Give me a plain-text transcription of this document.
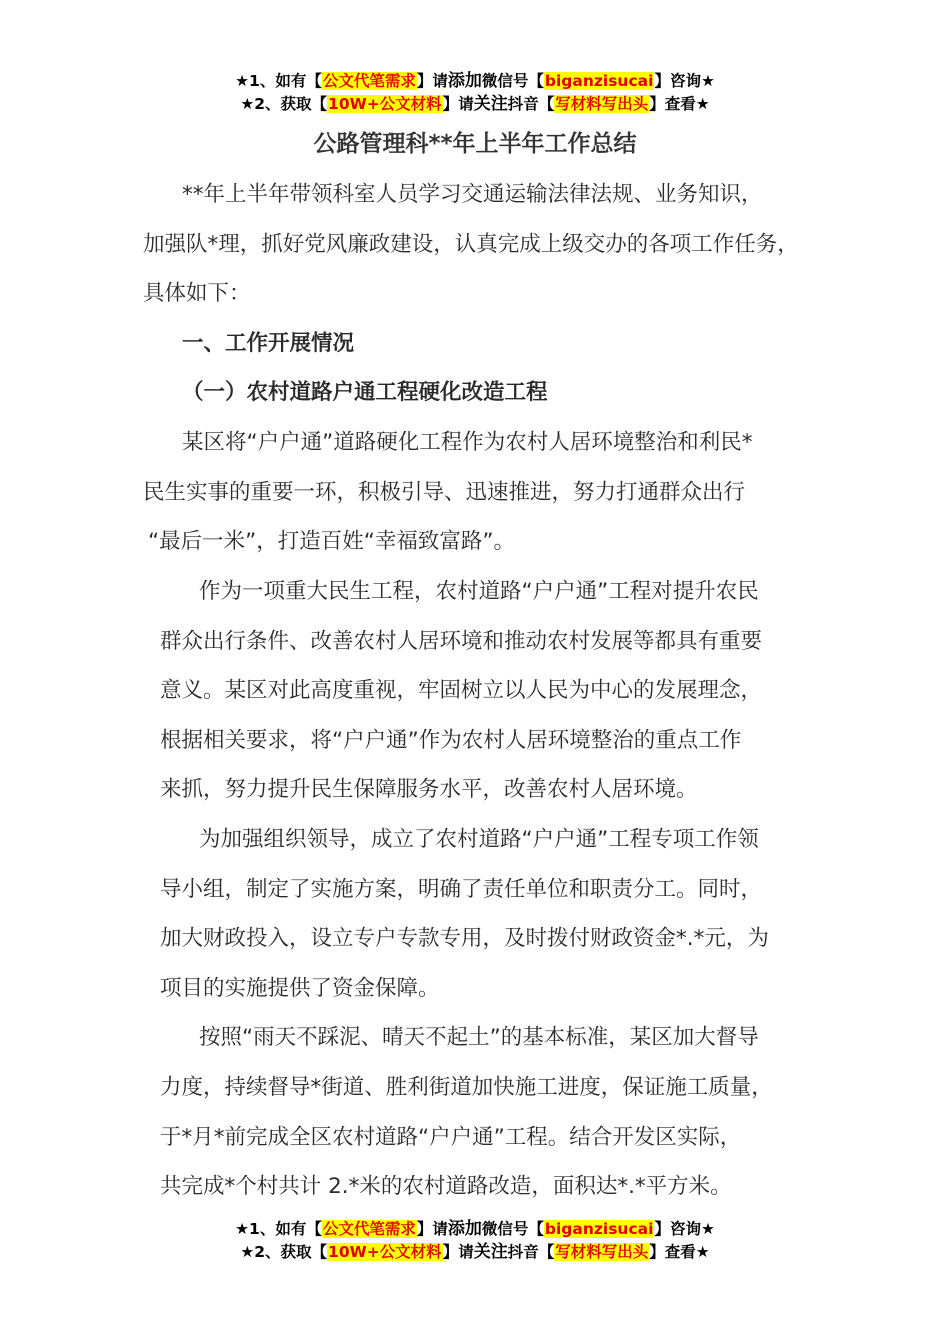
★1、如有【公文代笔需求】请添加微信号【biganzisucai】咨询★
★2、获取【10W+公文材料】请关注抖音【写材料写出头】查看★
公路管理科**年上半年工作总结
**年上半年带领科室人员学习交通运输法律法规、业务知识，
加强队*理，抓好党风廉政建设，认真完成上级交办的各项工作任务，
具体如下：
一、工作开展情况
（一）农村道路户通工程硬化改造工程
某区将“户户通”道路硬化工程作为农村人居环境整治和利民*
民生实事的重要一环，积极引导、迅速推进，努力打通群众出行
“最后一米”，打造百姓“幸福致富路”。
作为一项重大民生工程，农村道路“户户通”工程对提升农民
群众出行条件、改善农村人居环境和推动农村发展等都具有重要
意义。某区对此高度重视，牢固树立以人民为中心的发展理念，
根据相关要求，将“户户通”作为农村人居环境整治的重点工作
来抓，努力提升民生保障服务水平，改善农村人居环境。
为加强组织领导，成立了农村道路“户户通”工程专项工作领
导小组，制定了实施方案，明确了责任单位和职责分工。同时，
加大财政投入，设立专户专款专用，及时拨付财政资金*.*元，为
项目的实施提供了资金保障。
按照“雨天不踩泥、晴天不起土”的基本标准，某区加大督导
力度，持续督导*街道、胜利街道加快施工进度，保证施工质量，
于*月*前完成全区农村道路“户户通”工程。结合开发区实际，
共完成*个村共计 2.*米的农村道路改造，面积达*.*平方米。
★1、如有【公文代笔需求】请添加微信号【biganzisucai】咨询★
★2、获取【10W+公文材料】请关注抖音【写材料写出头】查看★
